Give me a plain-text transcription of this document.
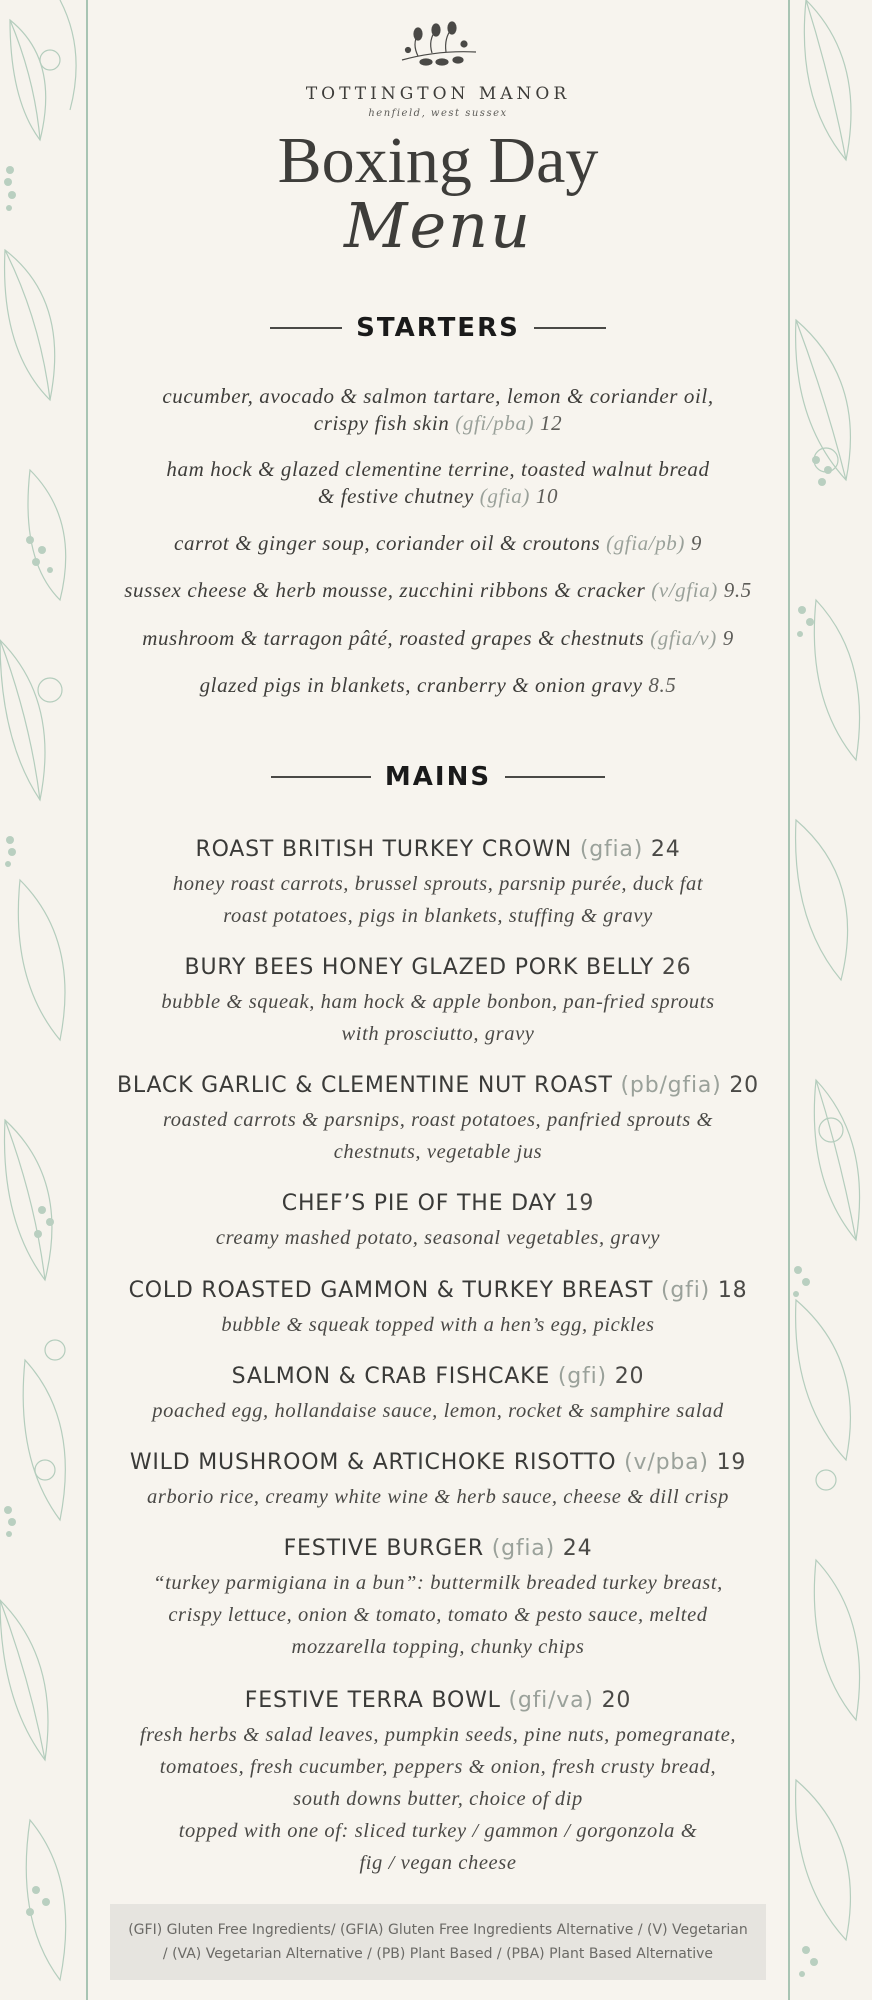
TOTTINGTON MANOR
henfield, west sussex
Boxing Day
Menu
STARTERS
cucumber, avocado & salmon tartare, lemon & coriander oil,
crispy fish skin (gfi/pba) 12
ham hock & glazed clementine terrine, toasted walnut bread
& festive chutney (gfia) 10
carrot & ginger soup, coriander oil & croutons (gfia/pb) 9
sussex cheese & herb mousse, zucchini ribbons & cracker (v/gfia) 9.5
mushroom & tarragon pâté, roasted grapes & chestnuts (gfia/v) 9
glazed pigs in blankets, cranberry & onion gravy 8.5
MAINS
ROAST BRITISH TURKEY CROWN (gfia) 24
honey roast carrots, brussel sprouts, parsnip purée, duck fat
roast potatoes, pigs in blankets, stuffing & gravy
BURY BEES HONEY GLAZED PORK BELLY 26
bubble & squeak, ham hock & apple bonbon, pan-fried sprouts
with prosciutto, gravy
BLACK GARLIC & CLEMENTINE NUT ROAST (pb/gfia) 20
roasted carrots & parsnips, roast potatoes, panfried sprouts &
chestnuts, vegetable jus
CHEF’S PIE OF THE DAY 19
creamy mashed potato, seasonal vegetables, gravy
COLD ROASTED GAMMON & TURKEY BREAST (gfi) 18
bubble & squeak topped with a hen’s egg, pickles
SALMON & CRAB FISHCAKE (gfi) 20
poached egg, hollandaise sauce, lemon, rocket & samphire salad
WILD MUSHROOM & ARTICHOKE RISOTTO (v/pba) 19
arborio rice, creamy white wine & herb sauce, cheese & dill crisp
FESTIVE BURGER (gfia) 24
“turkey parmigiana in a bun”: buttermilk breaded turkey breast,
crispy lettuce, onion & tomato, tomato & pesto sauce, melted
mozzarella topping, chunky chips
FESTIVE TERRA BOWL (gfi/va) 20
fresh herbs & salad leaves, pumpkin seeds, pine nuts, pomegranate,
tomatoes, fresh cucumber, peppers & onion, fresh crusty bread,
south downs butter, choice of dip
topped with one of: sliced turkey / gammon / gorgonzola &
fig / vegan cheese
(GFI) Gluten Free Ingredients/ (GFIA) Gluten Free Ingredients Alternative / (V) Vegetarian
/ (VA) Vegetarian Alternative / (PB) Plant Based / (PBA) Plant Based Alternative
